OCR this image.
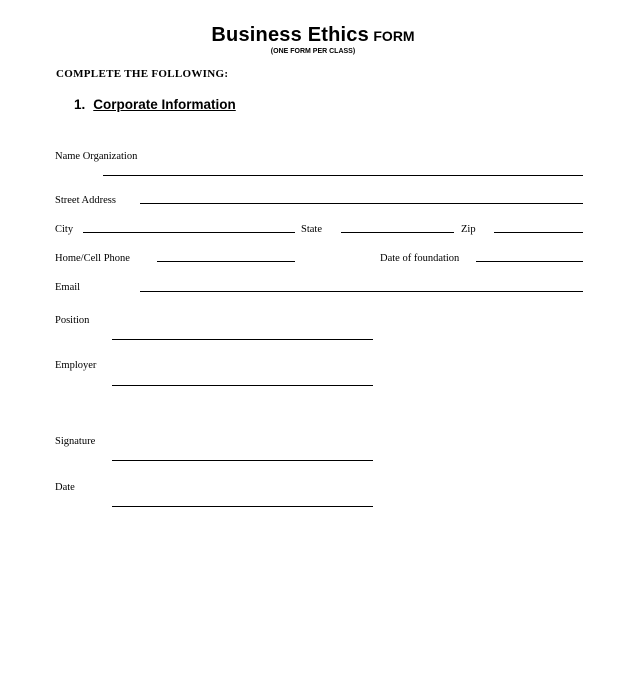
Business Ethics FORM
(ONE FORM PER CLASS)
COMPLETE THE FOLLOWING:
1. Corporate Information
Name Organization
Street Address
City	State	Zip
Home/Cell Phone	Date of foundation
Email
Position
Employer
Signature
Date
